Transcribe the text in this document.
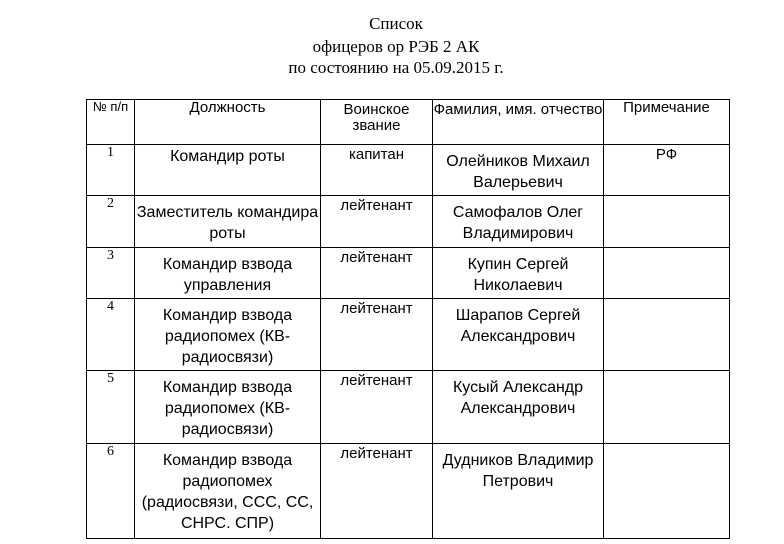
Список
офицеров ор РЭБ 2 АК
по состоянию на 05.09.2015 г.
№ п/п	Должность	Воинское звание	Фамилия, имя. отчество	Примечание
1	Командир роты	капитан	Олейников Михаил Валерьевич	РФ
2	Заместитель командира роты	лейтенант	Самофалов Олег Владимирович	
3	Командир взвода управления	лейтенант	Купин Сергей Николаевич	
4	Командир взвода радиопомех (КВ-радиосвязи)	лейтенант	Шарапов Сергей Александрович	
5	Командир взвода радиопомех (КВ-радиосвязи)	лейтенант	Кусый Александр Александрович	
6	Командир взвода радиопомех (радиосвязи, ССС, СС, СНРС. СПР)	лейтенант	Дудников Владимир Петрович	
